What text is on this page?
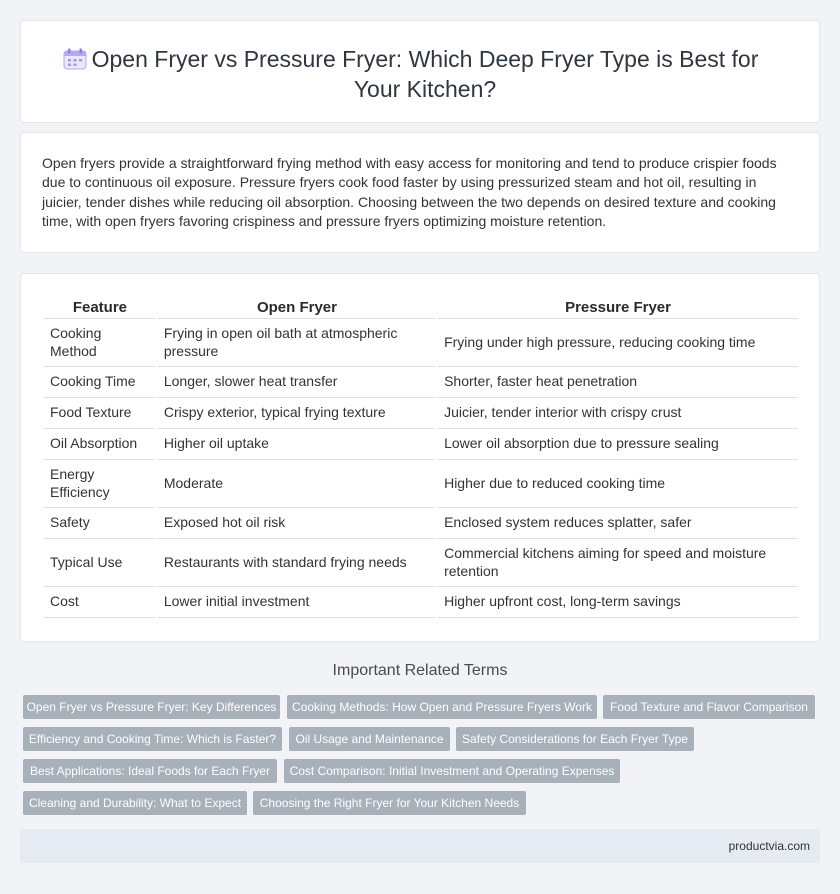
Open Fryer vs Pressure Fryer: Which Deep Fryer Type is Best for Your Kitchen?

Open fryers provide a straightforward frying method with easy access for monitoring and tend to produce crispier foods due to continuous oil exposure. Pressure fryers cook food faster by using pressurized steam and hot oil, resulting in juicier, tender dishes while reducing oil absorption. Choosing between the two depends on desired texture and cooking time, with open fryers favoring crispiness and pressure fryers optimizing moisture retention.

Feature	Open Fryer	Pressure Fryer
Cooking Method	Frying in open oil bath at atmospheric pressure	Frying under high pressure, reducing cooking time
Cooking Time	Longer, slower heat transfer	Shorter, faster heat penetration
Food Texture	Crispy exterior, typical frying texture	Juicier, tender interior with crispy crust
Oil Absorption	Higher oil uptake	Lower oil absorption due to pressure sealing
Energy Efficiency	Moderate	Higher due to reduced cooking time
Safety	Exposed hot oil risk	Enclosed system reduces splatter, safer
Typical Use	Restaurants with standard frying needs	Commercial kitchens aiming for speed and moisture retention
Cost	Lower initial investment	Higher upfront cost, long-term savings
Important Related Terms
Open Fryer vs Pressure Fryer: Key Differences	Cooking Methods: How Open and Pressure Fryers Work	Food Texture and Flavor Comparison
Efficiency and Cooking Time: Which is Faster?	Oil Usage and Maintenance	Safety Considerations for Each Fryer Type
Best Applications: Ideal Foods for Each Fryer	Cost Comparison: Initial Investment and Operating Expenses
Cleaning and Durability: What to Expect	Choosing the Right Fryer for Your Kitchen Needs
productvia.com
